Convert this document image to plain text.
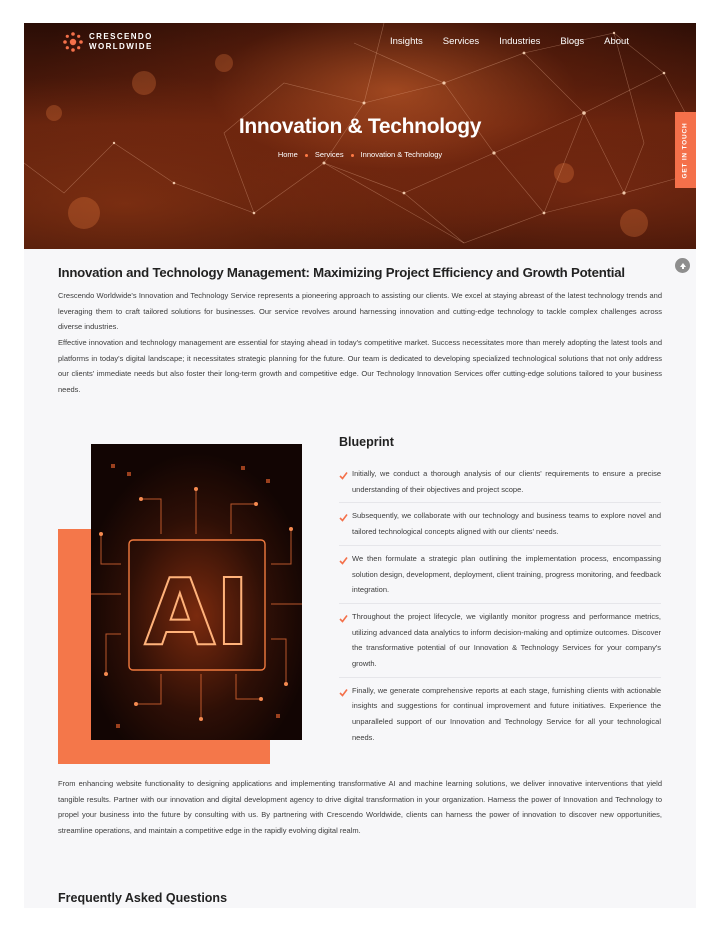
CRESCENDO
WORLDWIDE	Insights Services Industries Blogs About
Innovation & Technology
Home Services Innovation & Technology	GET IN TOUCH
Innovation and Technology Management: Maximizing Project Efficiency and Growth Potential
Crescendo Worldwide's Innovation and Technology Service represents a pioneering approach to assisting our clients. We excel at staying abreast of the latest technology trends and leveraging them to craft tailored solutions for businesses. Our service revolves around harnessing innovation and cutting-edge technology to tackle complex challenges across diverse industries.
Effective innovation and technology management are essential for staying ahead in today's competitive market. Success necessitates more than merely adopting the latest tools and platforms in today's digital landscape; it necessitates strategic planning for the future. Our team is dedicated to developing specialized technological solutions that not only address our clients' immediate needs but also foster their long-term growth and competitive edge. Our Technology Innovation Services offer cutting-edge solutions tailored to your business needs.
AI
Blueprint
Initially, we conduct a thorough analysis of our clients' requirements to ensure a precise understanding of their objectives and project scope.
Subsequently, we collaborate with our technology and business teams to explore novel and tailored technological concepts aligned with our clients' needs.
We then formulate a strategic plan outlining the implementation process, encompassing solution design, development, deployment, client training, progress monitoring, and feedback integration.
Throughout the project lifecycle, we vigilantly monitor progress and performance metrics, utilizing advanced data analytics to inform decision-making and optimize outcomes. Discover the transformative potential of our Innovation & Technology Services for your company's growth.
Finally, we generate comprehensive reports at each stage, furnishing clients with actionable insights and suggestions for continual improvement and future initiatives. Experience the unparalleled support of our Innovation and Technology Service for all your technological needs.
From enhancing website functionality to designing applications and implementing transformative AI and machine learning solutions, we deliver innovative interventions that yield tangible results. Partner with our innovation and digital development agency to drive digital transformation in your organization. Harness the power of Innovation and Technology to propel your business into the future by consulting with us. By partnering with Crescendo Worldwide, clients can harness the power of innovation to discover new opportunities, streamline operations, and maintain a competitive edge in the rapidly evolving digital realm.
Frequently Asked Questions
